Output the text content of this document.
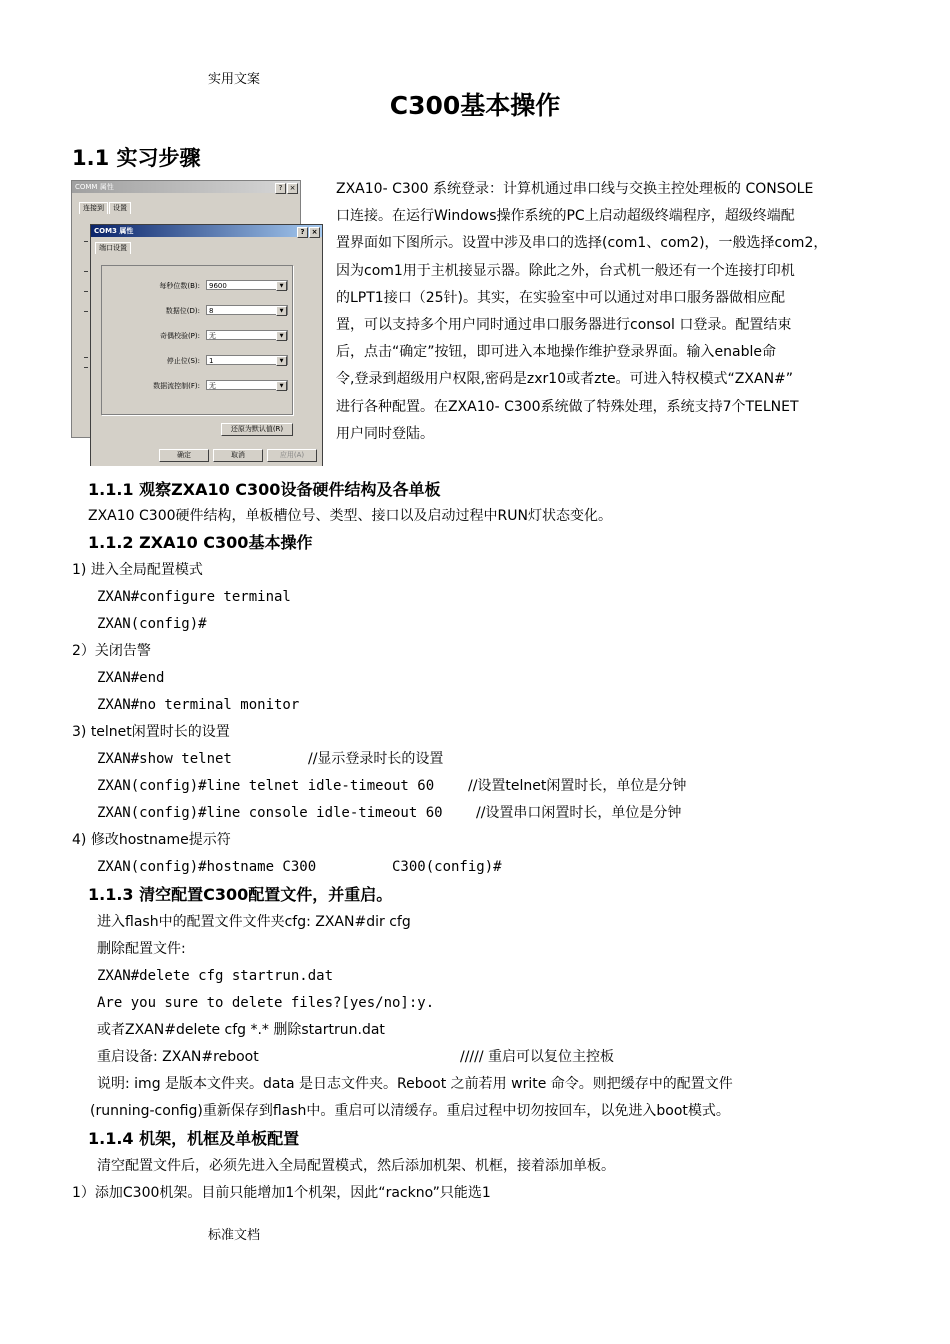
实用文案
C300基本操作
1.1 实习步骤
COMM 属性	? ×
连接到 设置
COM3 属性	? ×
端口设置
每秒位数(B):	9600	▼
数据位(D):	8	▼
奇偶校验(P):	无	▼
停止位(S):	1	▼
数据流控制(F):	无	▼
还原为默认值(R)
确定	取消	应用(A)

ZXA10- C300 系统登录：计算机通过串口线与交换主控处理板的 CONSOLE

口连接。在运行Windows操作系统的PC上启动超级终端程序，超级终端配

置界面如下图所示。设置中涉及串口的选择(com1、com2)，一般选择com2，

因为com1用于主机接显示器。除此之外，台式机一般还有一个连接打印机

的LPT1接口（25针)。其实，在实验室中可以通过对串口服务器做相应配

置，可以支持多个用户同时通过串口服务器进行consol 口登录。配置结束

后，点击“确定”按钮，即可进入本地操作维护登录界面。输入enable命

令,登录到超级用户权限,密码是zxr10或者zte。可进入特权模式“ZXAN#”

进行各种配置。在ZXA10- C300系统做了特殊处理，系统支持7个TELNET

用户同时登陆。

1.1.1 观察ZXA10 C300设备硬件结构及各单板
ZXA10 C300硬件结构，单板槽位号、类型、接口以及启动过程中RUN灯状态变化。
1.1.2 ZXA10 C300基本操作
1) 进入全局配置模式
ZXAN#configure terminal
ZXAN(config)#
2）关闭告警
ZXAN#end
ZXAN#no terminal monitor
3) telnet闲置时长的设置
ZXAN#show telnet	//显示登录时长的设置
ZXAN(config)#line telnet idle-timeout 60 //设置telnet闲置时长，单位是分钟
ZXAN(config)#line console idle-timeout 60 //设置串口闲置时长，单位是分钟
4) 修改hostname提示符
ZXAN(config)#hostname C300	C300(config)#
1.1.3 清空配置C300配置文件，并重启。
进入flash中的配置文件文件夹cfg: ZXAN#dir cfg
删除配置文件:
ZXAN#delete cfg startrun.dat
Are you sure to delete files?[yes/no]:y.
或者ZXAN#delete cfg *.* 删除startrun.dat
重启设备: ZXAN#reboot	///// 重启可以复位主控板
说明: img 是版本文件夹。data 是日志文件夹。Reboot 之前若用 write 命令。则把缓存中的配置文件
(running-config)重新保存到flash中。重启可以清缓存。重启过程中切勿按回车，以免进入boot模式。
1.1.4 机架，机框及单板配置
清空配置文件后，必须先进入全局配置模式，然后添加机架、机框，接着添加单板。
1）添加C300机架。目前只能增加1个机架，因此“rackno”只能选1
标准文档
